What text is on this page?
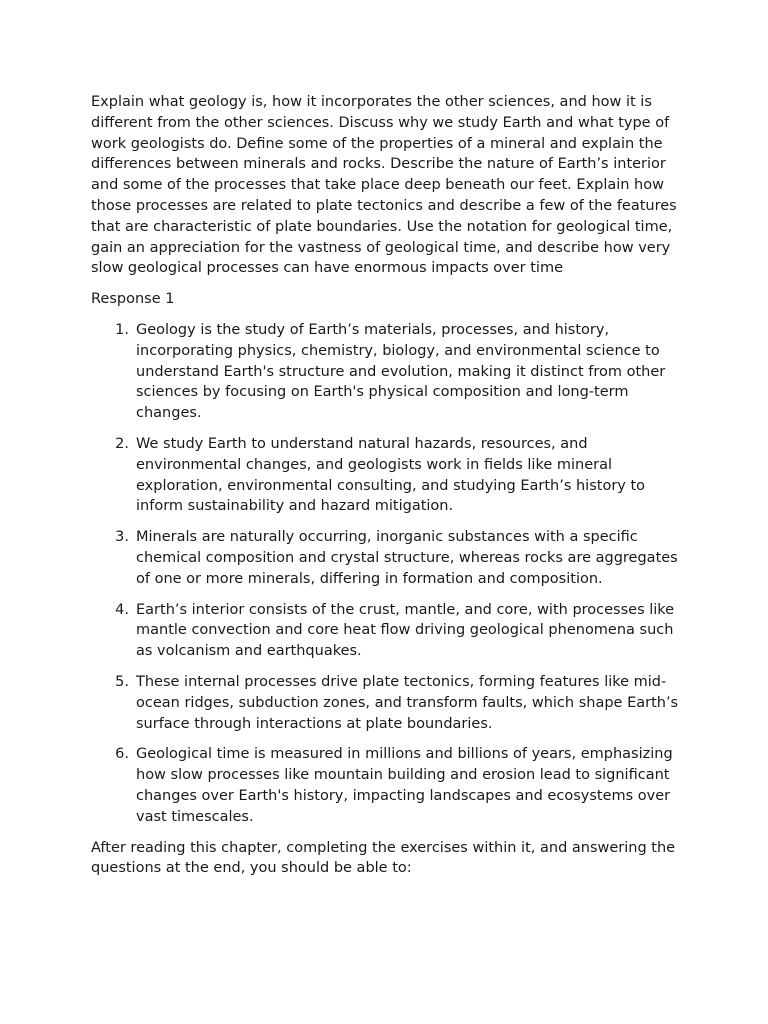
Explain what geology is, how it incorporates the other sciences, and how it is different from the other sciences. Discuss why we study Earth and what type of work geologists do. Define some of the properties of a mineral and explain the differences between minerals and rocks. Describe the nature of Earth’s interior and some of the processes that take place deep beneath our feet. Explain how those processes are related to plate tectonics and describe a few of the features that are characteristic of plate boundaries. Use the notation for geological time, gain an appreciation for the vastness of geological time, and describe how very slow geological processes can have enormous impacts over time

Response 1

1. Geology is the study of Earth’s materials, processes, and history, incorporating physics, chemistry, biology, and environmental science to understand Earth's structure and evolution, making it distinct from other sciences by focusing on Earth's physical composition and long-term changes.
2. We study Earth to understand natural hazards, resources, and environmental changes, and geologists work in fields like mineral exploration, environmental consulting, and studying Earth’s history to inform sustainability and hazard mitigation.
3. Minerals are naturally occurring, inorganic substances with a specific chemical composition and crystal structure, whereas rocks are aggregates of one or more minerals, differing in formation and composition.
4. Earth’s interior consists of the crust, mantle, and core, with processes like mantle convection and core heat flow driving geological phenomena such as volcanism and earthquakes.
5. These internal processes drive plate tectonics, forming features like mid-ocean ridges, subduction zones, and transform faults, which shape Earth’s surface through interactions at plate boundaries.
6. Geological time is measured in millions and billions of years, emphasizing how slow processes like mountain building and erosion lead to significant changes over Earth's history, impacting landscapes and ecosystems over vast timescales.

After reading this chapter, completing the exercises within it, and answering the questions at the end, you should be able to:
